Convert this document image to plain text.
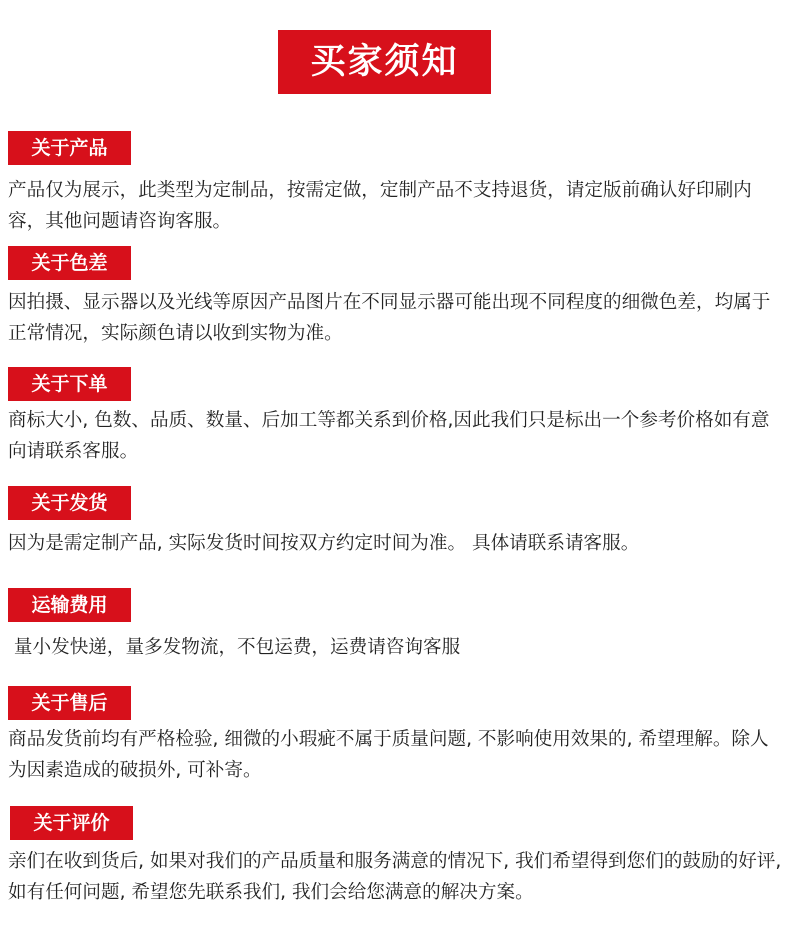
买家须知
关于产品
产品仅为展示，此类型为定制品，按需定做，定制产品不支持退货，请定版前确认好印刷内容，其他问题请咨询客服。
关于色差
因拍摄、显示器以及光线等原因产品图片在不同显示器可能出现不同程度的细微色差，均属于正常情况，实际颜色请以收到实物为准。
关于下单
商标大小, 色数、品质、数量、后加工等都关系到价格,因此我们只是标出一个参考价格如有意向请联系客服。
关于发货
因为是需定制产品, 实际发货时间按双方约定时间为准。 具体请联系请客服。
运输费用
量小发快递，量多发物流，不包运费，运费请咨询客服
关于售后
商品发货前均有严格检验, 细微的小瑕疵不属于质量问题, 不影响使用效果的, 希望理解。除人为因素造成的破损外, 可补寄。
关于评价
亲们在收到货后, 如果对我们的产品质量和服务满意的情况下, 我们希望得到您们的鼓励的好评, 如有任何问题, 希望您先联系我们, 我们会给您满意的解决方案。
